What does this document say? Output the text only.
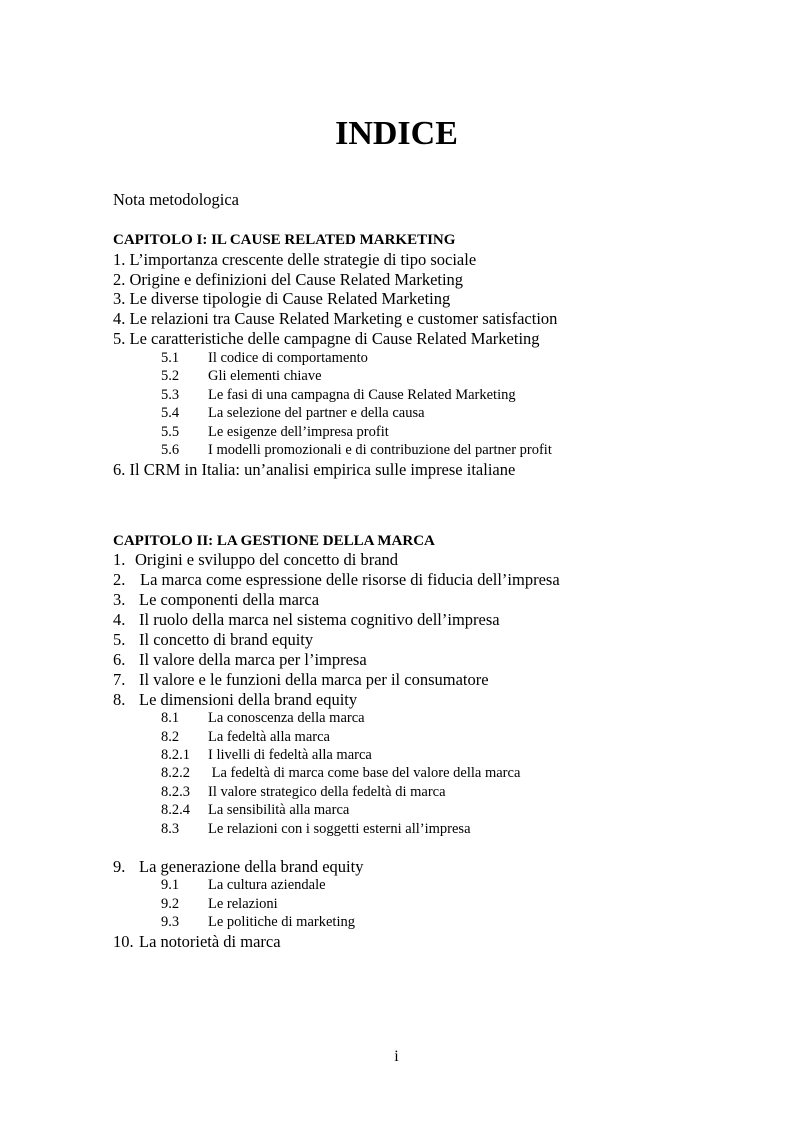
INDICE

Nota metodologica

CAPITOLO I: IL CAUSE RELATED MARKETING

1. L’importanza crescente delle strategie di tipo sociale

2. Origine e definizioni del Cause Related Marketing

3. Le diverse tipologie di Cause Related Marketing

4. Le relazioni tra Cause Related Marketing e customer satisfaction

5. Le caratteristiche delle campagne di Cause Related Marketing

5.1 Il codice di comportamento

5.2 Gli elementi chiave

5.3 Le fasi di una campagna di Cause Related Marketing

5.4 La selezione del partner e della causa

5.5 Le esigenze dell’impresa profit

5.6 I modelli promozionali e di contribuzione del partner profit

6. Il CRM in Italia: un’analisi empirica sulle imprese italiane

CAPITOLO II: LA GESTIONE DELLA MARCA

1. Origini e sviluppo del concetto di brand

2. La marca come espressione delle risorse di fiducia dell’impresa

3. Le componenti della marca

4. Il ruolo della marca nel sistema cognitivo dell’impresa

5. Il concetto di brand equity

6. Il valore della marca per l’impresa

7. Il valore e le funzioni della marca per il consumatore

8. Le dimensioni della brand equity

8.1 La conoscenza della marca

8.2 La fedeltà alla marca

8.2.1 I livelli di fedeltà alla marca

8.2.2 La fedeltà di marca come base del valore della marca

8.2.3 Il valore strategico della fedeltà di marca

8.2.4 La sensibilità alla marca

8.3 Le relazioni con i soggetti esterni all’impresa

9. La generazione della brand equity

9.1 La cultura aziendale

9.2 Le relazioni

9.3 Le politiche di marketing

10. La notorietà di marca

i
